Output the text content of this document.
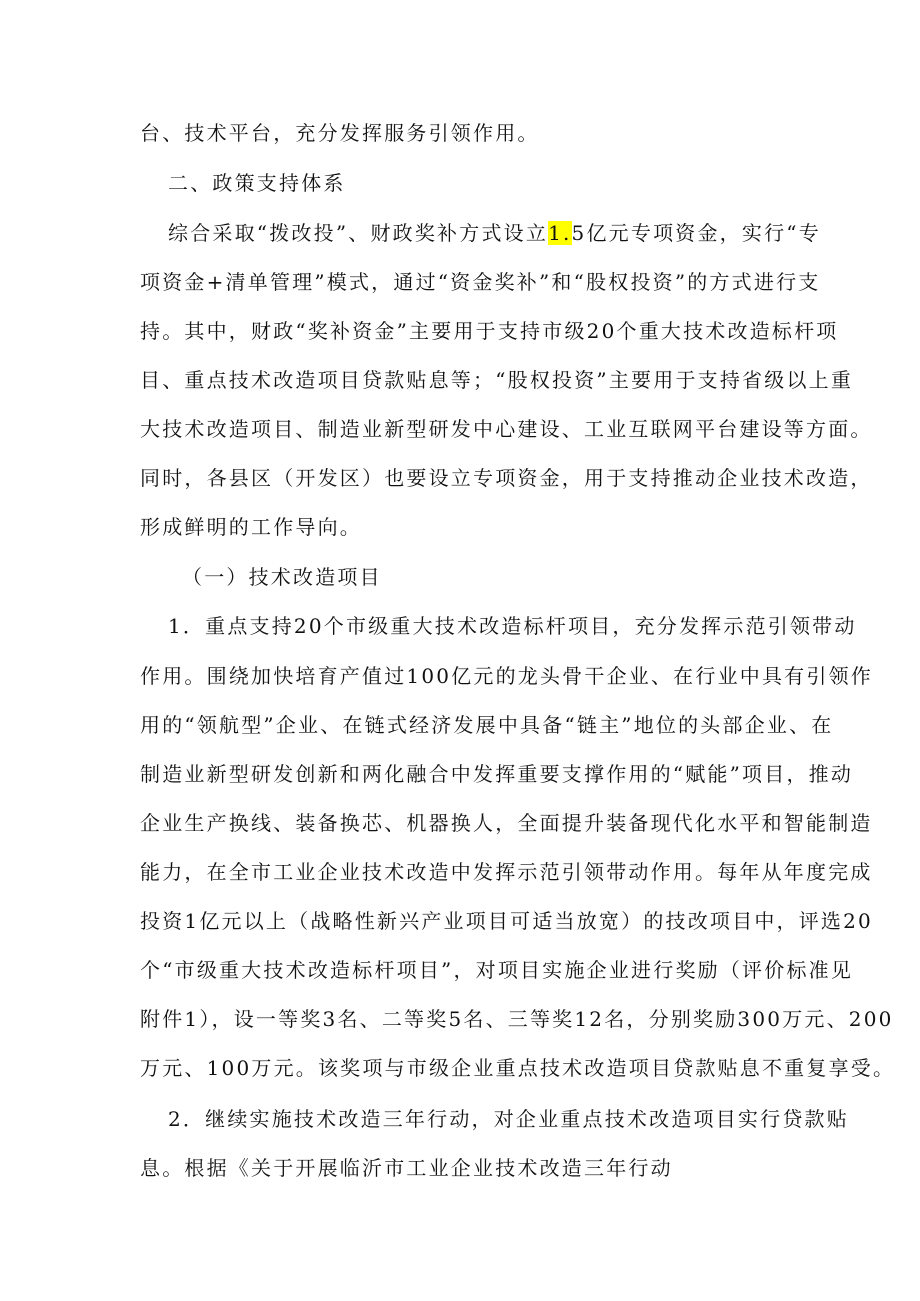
台、技术平台，充分发挥服务引领作用。
二、政策支持体系
综合采取“拨改投”、财政奖补方式设立1.5亿元专项资金，实行“专
项资金+清单管理”模式，通过“资金奖补”和“股权投资”的方式进行支
持。其中，财政“奖补资金”主要用于支持市级20个重大技术改造标杆项
目、重点技术改造项目贷款贴息等；“股权投资”主要用于支持省级以上重
大技术改造项目、制造业新型研发中心建设、工业互联网平台建设等方面。
同时，各县区（开发区）也要设立专项资金，用于支持推动企业技术改造，
形成鲜明的工作导向。
（一）技术改造项目
1．重点支持20个市级重大技术改造标杆项目，充分发挥示范引领带动
作用。围绕加快培育产值过100亿元的龙头骨干企业、在行业中具有引领作
用的“领航型”企业、在链式经济发展中具备“链主”地位的头部企业、在
制造业新型研发创新和两化融合中发挥重要支撑作用的“赋能”项目，推动
企业生产换线、装备换芯、机器换人，全面提升装备现代化水平和智能制造
能力，在全市工业企业技术改造中发挥示范引领带动作用。每年从年度完成
投资1亿元以上（战略性新兴产业项目可适当放宽）的技改项目中，评选20
个“市级重大技术改造标杆项目”，对项目实施企业进行奖励（评价标准见
附件1），设一等奖3名、二等奖5名、三等奖12名，分别奖励300万元、200
万元、100万元。该奖项与市级企业重点技术改造项目贷款贴息不重复享受。
2．继续实施技术改造三年行动，对企业重点技术改造项目实行贷款贴
息。根据《关于开展临沂市工业企业技术改造三年行动
